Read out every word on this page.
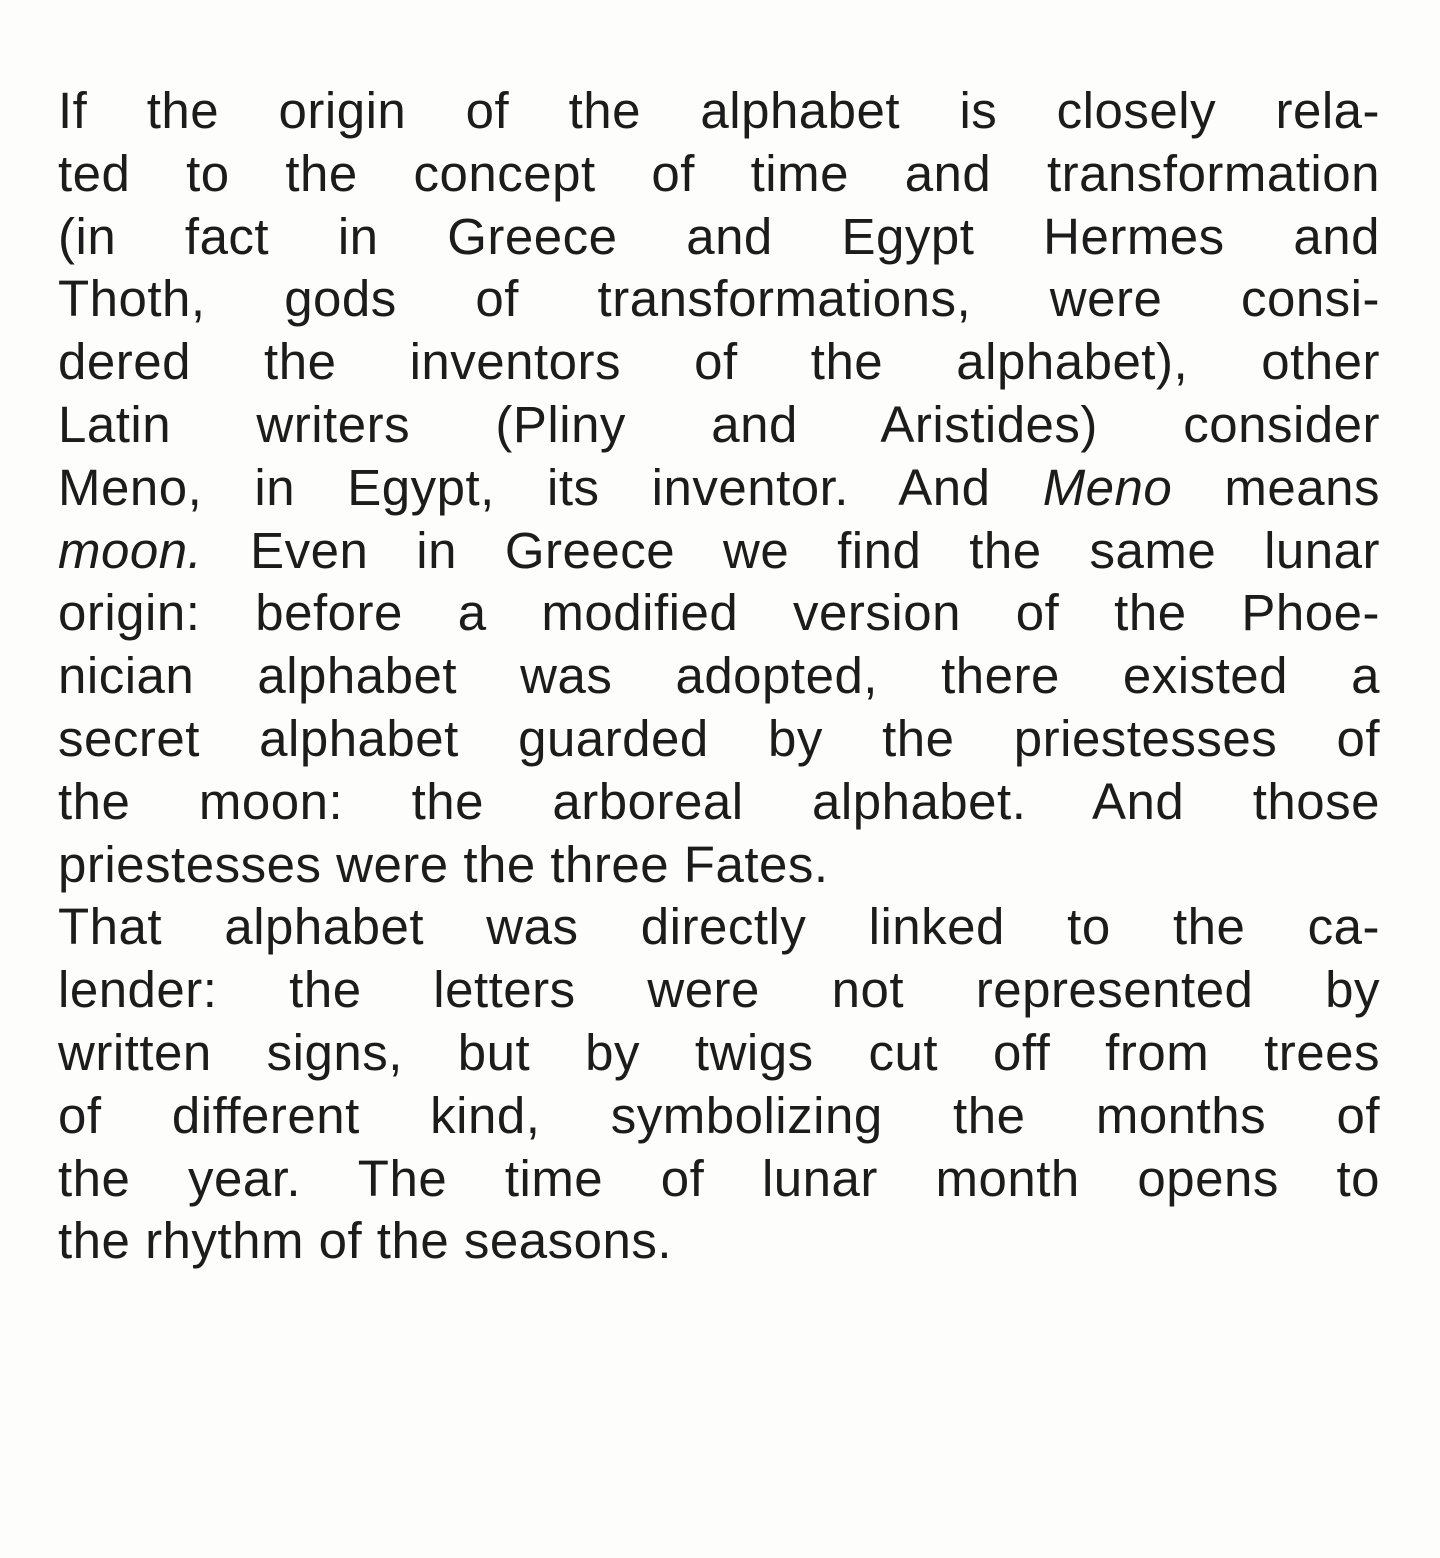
If the origin of the alphabet is closely rela-
ted to the concept of time and transformation
(in fact in Greece and Egypt Hermes and
Thoth, gods of transformations, were consi-
dered the inventors of the alphabet), other
Latin writers (Pliny and Aristides) consider
Meno, in Egypt, its inventor. And Meno means
moon. Even in Greece we find the same lunar
origin: before a modified version of the Phoe-
nician alphabet was adopted, there existed a
secret alphabet guarded by the priestesses of
the moon: the arboreal alphabet. And those
priestesses were the three Fates.
That alphabet was directly linked to the ca-
lender: the letters were not represented by
written signs, but by twigs cut off from trees
of different kind, symbolizing the months of
the year. The time of lunar month opens to
the rhythm of the seasons.
